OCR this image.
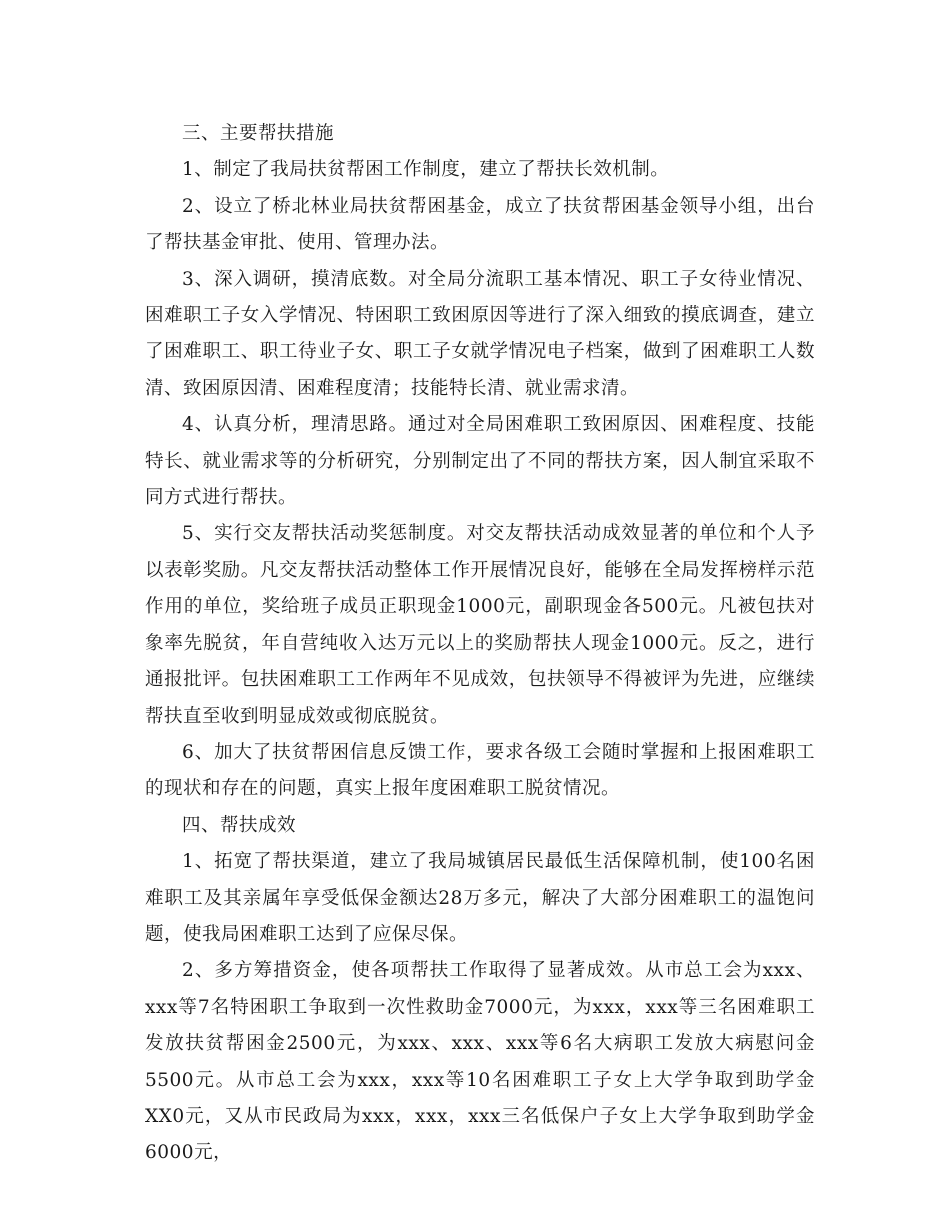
三、主要帮扶措施

1、制定了我局扶贫帮困工作制度，建立了帮扶长效机制。

2、设立了桥北林业局扶贫帮困基金，成立了扶贫帮困基金领导小组，出台了帮扶基金审批、使用、管理办法。

3、深入调研，摸清底数。对全局分流职工基本情况、职工子女待业情况、困难职工子女入学情况、特困职工致困原因等进行了深入细致的摸底调查，建立了困难职工、职工待业子女、职工子女就学情况电子档案，做到了困难职工人数清、致困原因清、困难程度清；技能特长清、就业需求清。

4、认真分析，理清思路。通过对全局困难职工致困原因、困难程度、技能特长、就业需求等的分析研究，分别制定出了不同的帮扶方案，因人制宜采取不同方式进行帮扶。

5、实行交友帮扶活动奖惩制度。对交友帮扶活动成效显著的单位和个人予以表彰奖励。凡交友帮扶活动整体工作开展情况良好，能够在全局发挥榜样示范作用的单位，奖给班子成员正职现金1000元，副职现金各500元。凡被包扶对象率先脱贫，年自营纯收入达万元以上的奖励帮扶人现金1000元。反之，进行通报批评。包扶困难职工工作两年不见成效，包扶领导不得被评为先进，应继续帮扶直至收到明显成效或彻底脱贫。

6、加大了扶贫帮困信息反馈工作，要求各级工会随时掌握和上报困难职工的现状和存在的问题，真实上报年度困难职工脱贫情况。

四、帮扶成效

1、拓宽了帮扶渠道，建立了我局城镇居民最低生活保障机制，使100名困难职工及其亲属年享受低保金额达28万多元，解决了大部分困难职工的温饱问题，使我局困难职工达到了应保尽保。

2、多方筹措资金，使各项帮扶工作取得了显著成效。从市总工会为xxx、xxx等7名特困职工争取到一次性救助金7000元，为xxx，xxx等三名困难职工发放扶贫帮困金2500元，为xxx、xxx、xxx等6名大病职工发放大病慰问金5500元。从市总工会为xxx，xxx等10名困难职工子女上大学争取到助学金XX0元，又从市民政局为xxx，xxx，xxx三名低保户子女上大学争取到助学金6000元，
